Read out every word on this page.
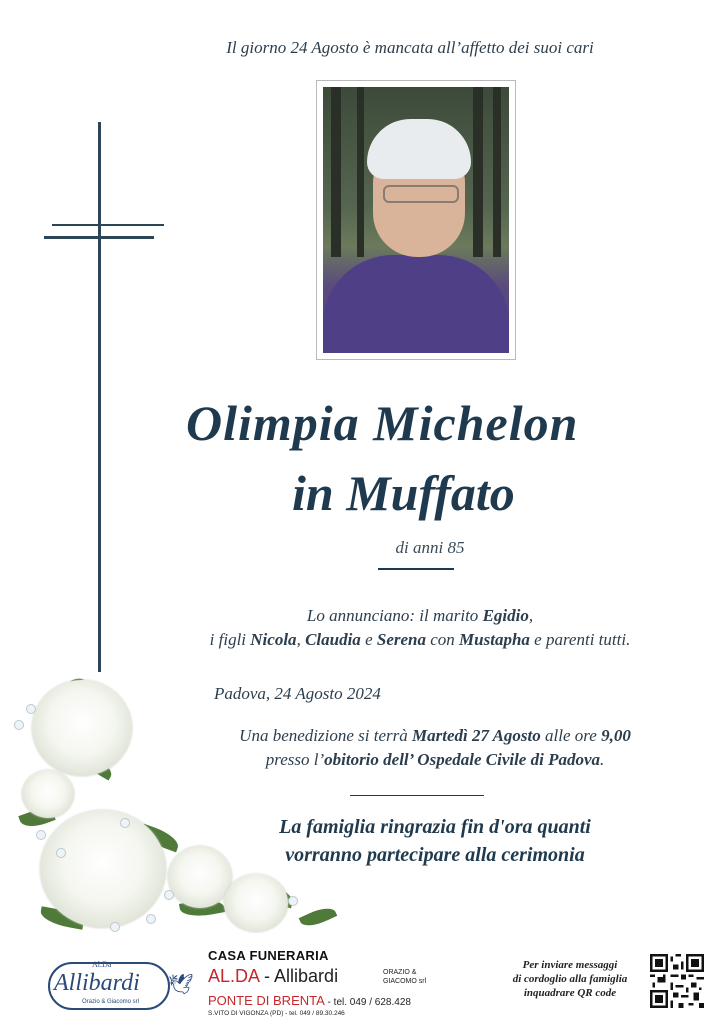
Il giorno 24 Agosto è mancata all’affetto dei suoi cari
Olimpia Michelon
in Muffato
di anni 85
Lo annunciano: il marito Egidio,
i figli Nicola, Claudia e Serena con Mustapha e parenti tutti.
Padova, 24 Agosto 2024
Una benedizione si terrà Martedì 27 Agosto alle ore 9,00
presso l’obitorio dell’ Ospedale Civile di Padova.
La famiglia ringrazia fin d'ora quanti
vorranno partecipare alla cerimonia
Al.Da
Allibardi
Orazio & Giacomo srl
🕊
CASA FUNERARIA
AL.DA - Allibardi	ORAZIO &
GIACOMO srl
PONTE DI BRENTA - tel. 049 / 628.428
S.VITO DI VIGONZA (PD) - tel. 049 / 89.30.246
Per inviare messaggi
di cordoglio alla famiglia
inquadrare QR code
